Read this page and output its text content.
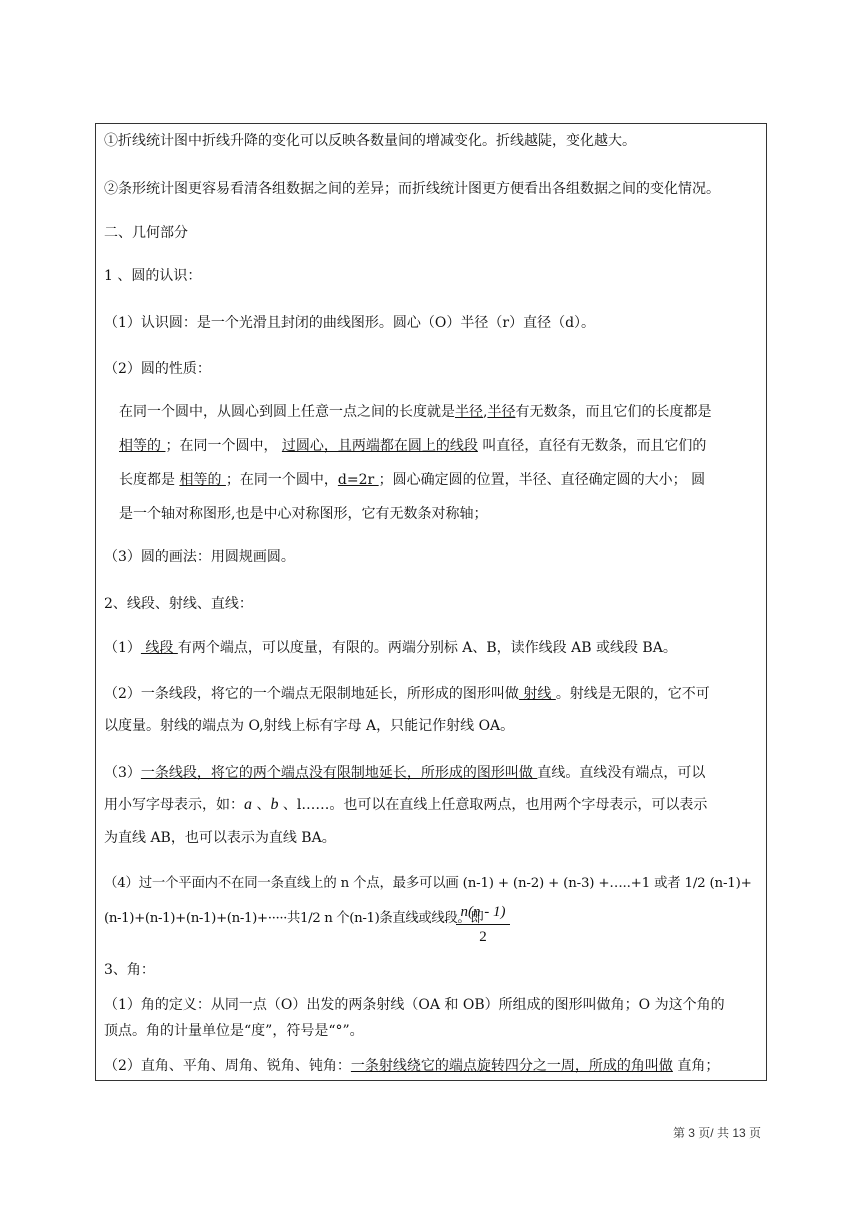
①折线统计图中折线升降的变化可以反映各数量间的增减变化。折线越陡，变化越大。
②条形统计图更容易看清各组数据之间的差异；而折线统计图更方便看出各组数据之间的变化情况。
二、几何部分
1 、圆的认识：
（1）认识圆：是一个光滑且封闭的曲线图形。圆心（O）半径（r）直径（d）。
（2）圆的性质：
在同一个圆中，从圆心到圆上任意一点之间的长度就是半径,半径有无数条，而且它们的长度都是
相等的 ；在同一个圆中， 过圆心，且两端都在圆上的线段 叫直径，直径有无数条，而且它们的
长度都是 相等的 ；在同一个圆中，d=2r ；圆心确定圆的位置，半径、直径确定圆的大小； 圆
是一个轴对称图形,也是中心对称图形，它有无数条对称轴；
（3）圆的画法：用圆规画圆。
2、线段、射线、直线：
（1） 线段 有两个端点，可以度量，有限的。两端分别标 A、B，读作线段 AB 或线段 BA。
（2）一条线段，将它的一个端点无限制地延长，所形成的图形叫做 射线 。射线是无限的，它不可
以度量。射线的端点为 O,射线上标有字母 A，只能记作射线 OA。
（3）一条线段，将它的两个端点没有限制地延长，所形成的图形叫做 直线。直线没有端点，可以
用小写字母表示，如：a 、b 、l……。也可以在直线上任意取两点，也用两个字母表示，可以表示
为直线 AB，也可以表示为直线 BA。
（4）过一个平面内不在同一条直线上的 n 个点，最多可以画 (n-1) + (n-2) + (n-3) +…..+1 或者 1/2 (n-1)+
(n-1)+(n-1)+(n-1)+(n-1)+·····共1/2 n 个(n-1)条直线或线段。即
3、角：
（1）角的定义：从同一点（O）出发的两条射线（OA 和 OB）所组成的图形叫做角；O 为这个角的
顶点。角的计量单位是“度”，符号是“°”。
（2）直角、平角、周角、锐角、钝角：一条射线绕它的端点旋转四分之一周，所成的角叫做 直角；
n(n - 1)
2
第 3 页/ 共 13 页
